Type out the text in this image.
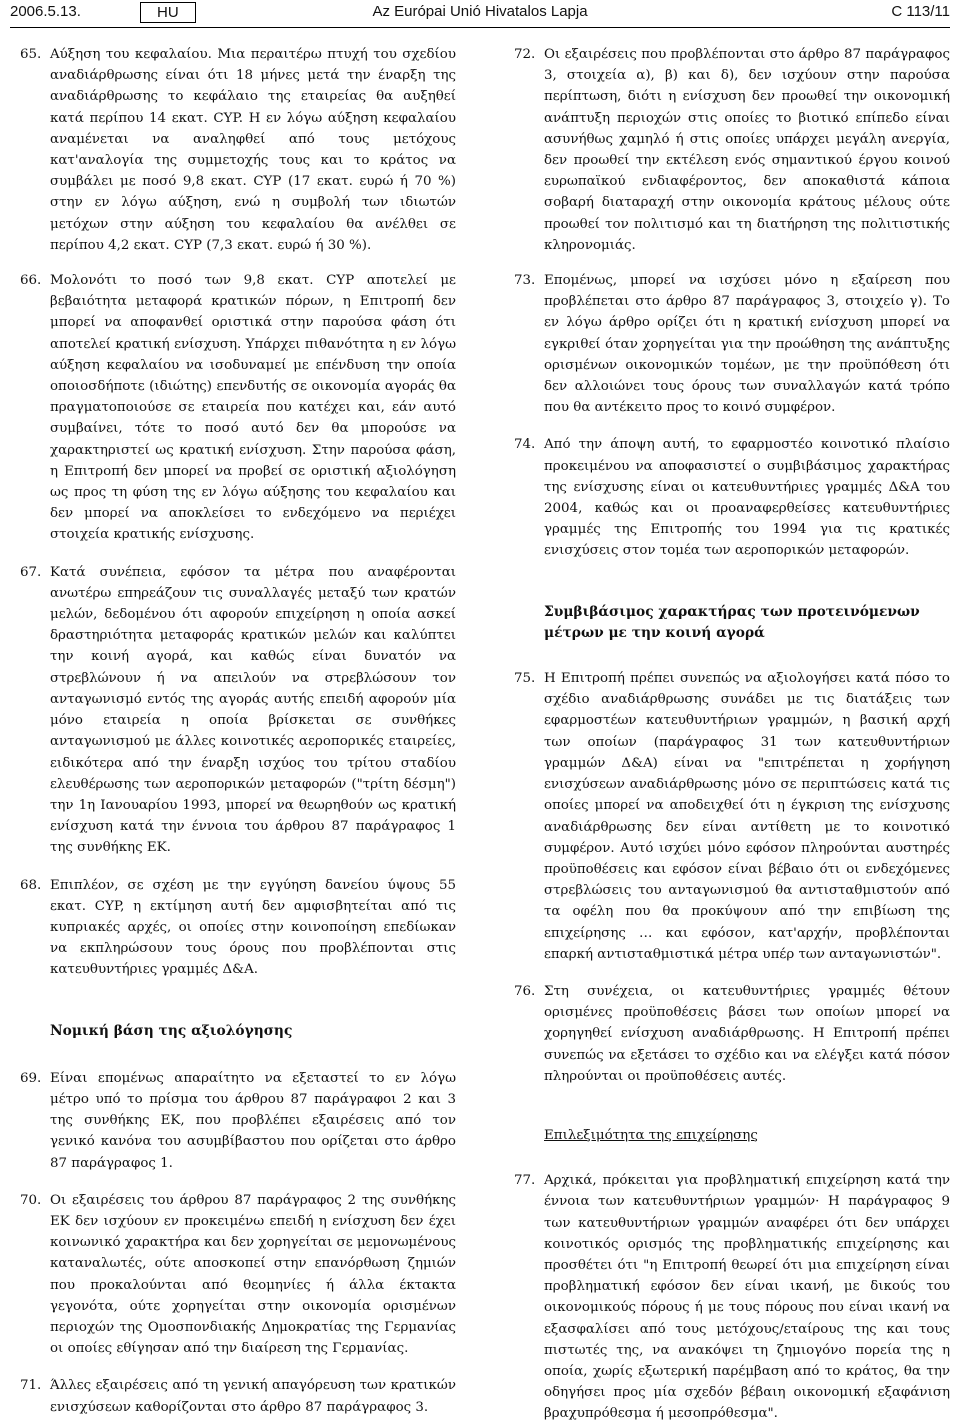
2006.5.13.	HU	Az Európai Unió Hivatalos Lapja	C 113/11
65. Αύξηση του κεφαλαίου. Μια περαιτέρω πτυχή του σχεδίου αναδιάρθρωσης είναι ότι 18 μήνες μετά την έναρξη της αναδιάρθρωσης το κεφάλαιο της εταιρείας θα αυξηθεί κατά περίπου 14 εκατ. CYP. Η εν λόγω αύξηση κεφαλαίου αναμένεται να αναληφθεί από τους μετόχους κατ'αναλογία της συμμετοχής τους και το κράτος να συμβάλει με ποσό 9,8 εκατ. CYP (17 εκατ. ευρώ ή 70 %) στην εν λόγω αύξηση, ενώ η συμβολή των ιδιωτών μετόχων στην αύξηση του κεφαλαίου θα ανέλθει σε περίπου 4,2 εκατ. CYP (7,3 εκατ. ευρώ ή 30 %).
66. Μολονότι το ποσό των 9,8 εκατ. CYP αποτελεί με βεβαιότητα μεταφορά κρατικών πόρων, η Επιτροπή δεν μπορεί να αποφανθεί οριστικά στην παρούσα φάση ότι αποτελεί κρατική ενίσχυση. Υπάρχει πιθανότητα η εν λόγω αύξηση κεφαλαίου να ισοδυναμεί με επένδυση την οποία οποιοσδήποτε (ιδιώτης) επενδυτής σε οικονομία αγοράς θα πραγματοποιούσε σε εταιρεία που κατέχει και, εάν αυτό συμβαίνει, τότε το ποσό αυτό δεν θα μπορούσε να χαρακτηριστεί ως κρατική ενίσχυση. Στην παρούσα φάση, η Επιτροπή δεν μπορεί να προβεί σε οριστική αξιολόγηση ως προς τη φύση της εν λόγω αύξησης του κεφαλαίου και δεν μπορεί να αποκλείσει το ενδεχόμενο να περιέχει στοιχεία κρατικής ενίσχυσης.
67. Κατά συνέπεια, εφόσον τα μέτρα που αναφέρονται ανωτέρω επηρεάζουν τις συναλλαγές μεταξύ των κρατών μελών, δεδομένου ότι αφορούν επιχείρηση η οποία ασκεί δραστηριότητα μεταφοράς κρατικών μελών και καλύπτει την κοινή αγορά, και καθώς είναι δυνατόν να στρεβλώνουν ή να απειλούν να στρεβλώσουν τον ανταγωνισμό εντός της αγοράς αυτής επειδή αφορούν μία μόνο εταιρεία η οποία βρίσκεται σε συνθήκες ανταγωνισμού με άλλες κοινοτικές αεροπορικές εταιρείες, ειδικότερα από την έναρξη ισχύος του τρίτου σταδίου ελευθέρωσης των αεροπορικών μεταφορών ("τρίτη δέσμη") την 1η Ιανουαρίου 1993, μπορεί να θεωρηθούν ως κρατική ενίσχυση κατά την έννοια του άρθρου 87 παράγραφος 1 της συνθήκης ΕΚ.
68. Επιπλέον, σε σχέση με την εγγύηση δανείου ύψους 55 εκατ. CYP, η εκτίμηση αυτή δεν αμφισβητείται από τις κυπριακές αρχές, οι οποίες στην κοινοποίηση επεδίωκαν να εκπληρώσουν τους όρους που προβλέπονται στις κατευθυντήριες γραμμές Δ&Α.
Νομική βάση της αξιολόγησης
69. Είναι επομένως απαραίτητο να εξεταστεί το εν λόγω μέτρο υπό το πρίσμα του άρθρου 87 παράγραφοι 2 και 3 της συνθήκης ΕΚ, που προβλέπει εξαιρέσεις από τον γενικό κανόνα του ασυμβίβαστου που ορίζεται στο άρθρο 87 παράγραφος 1.
70. Οι εξαιρέσεις του άρθρου 87 παράγραφος 2 της συνθήκης ΕΚ δεν ισχύουν εν προκειμένω επειδή η ενίσχυση δεν έχει κοινωνικό χαρακτήρα και δεν χορηγείται σε μεμονωμένους καταναλωτές, ούτε αποσκοπεί στην επανόρθωση ζημιών που προκαλούνται από θεομηνίες ή άλλα έκτακτα γεγονότα, ούτε χορηγείται στην οικονομία ορισμένων περιοχών της Ομοσπονδιακής Δημοκρατίας της Γερμανίας οι οποίες εθίγησαν από την διαίρεση της Γερμανίας.
71. Άλλες εξαιρέσεις από τη γενική απαγόρευση των κρατικών ενισχύσεων καθορίζονται στο άρθρο 87 παράγραφος 3.
72. Οι εξαιρέσεις που προβλέπονται στο άρθρο 87 παράγραφος 3, στοιχεία α), β) και δ), δεν ισχύουν στην παρούσα περίπτωση, διότι η ενίσχυση δεν προωθεί την οικονομική ανάπτυξη περιοχών στις οποίες το βιοτικό επίπεδο είναι ασυνήθως χαμηλό ή στις οποίες υπάρχει μεγάλη ανεργία, δεν προωθεί την εκτέλεση ενός σημαντικού έργου κοινού ευρωπαϊκού ενδιαφέροντος, δεν αποκαθιστά κάποια σοβαρή διαταραχή στην οικονομία κράτους μέλους ούτε προωθεί τον πολιτισμό και τη διατήρηση της πολιτιστικής κληρονομιάς.
73. Επομένως, μπορεί να ισχύσει μόνο η εξαίρεση που προβλέπεται στο άρθρο 87 παράγραφος 3, στοιχείο γ). Το εν λόγω άρθρο ορίζει ότι η κρατική ενίσχυση μπορεί να εγκριθεί όταν χορηγείται για την προώθηση της ανάπτυξης ορισμένων οικονομικών τομέων, με την προϋπόθεση ότι δεν αλλοιώνει τους όρους των συναλλαγών κατά τρόπο που θα αντέκειτο προς το κοινό συμφέρον.
74. Από την άποψη αυτή, το εφαρμοστέο κοινοτικό πλαίσιο προκειμένου να αποφασιστεί ο συμβιβάσιμος χαρακτήρας της ενίσχυσης είναι οι κατευθυντήριες γραμμές Δ&Α του 2004, καθώς και οι προαναφερθείσες κατευθυντήριες γραμμές της Επιτροπής του 1994 για τις κρατικές ενισχύσεις στον τομέα των αεροπορικών μεταφορών.
Συμβιβάσιμος χαρακτήρας των προτεινόμενων μέτρων με την κοινή αγορά
75. Η Επιτροπή πρέπει συνεπώς να αξιολογήσει κατά πόσο το σχέδιο αναδιάρθρωσης συνάδει με τις διατάξεις των εφαρμοστέων κατευθυντήριων γραμμών, η βασική αρχή των οποίων (παράγραφος 31 των κατευθυντήριων γραμμών Δ&Α) είναι να "επιτρέπεται η χορήγηση ενισχύσεων αναδιάρθρωσης μόνο σε περιπτώσεις κατά τις οποίες μπορεί να αποδειχθεί ότι η έγκριση της ενίσχυσης αναδιάρθρωσης δεν είναι αντίθετη με το κοινοτικό συμφέρον. Αυτό ισχύει μόνο εφόσον πληρούνται αυστηρές προϋποθέσεις και εφόσον είναι βέβαιο ότι οι ενδεχόμενες στρεβλώσεις του ανταγωνισμού θα αντισταθμιστούν από τα οφέλη που θα προκύψουν από την επιβίωση της επιχείρησης … και εφόσον, κατ'αρχήν, προβλέπονται επαρκή αντισταθμιστικά μέτρα υπέρ των ανταγωνιστών".
76. Στη συνέχεια, οι κατευθυντήριες γραμμές θέτουν ορισμένες προϋποθέσεις βάσει των οποίων μπορεί να χορηγηθεί ενίσχυση αναδιάρθρωσης. Η Επιτροπή πρέπει συνεπώς να εξετάσει το σχέδιο και να ελέγξει κατά πόσον πληρούνται οι προϋποθέσεις αυτές.
Επιλεξιμότητα της επιχείρησης
77. Αρχικά, πρόκειται για προβληματική επιχείρηση κατά την έννοια των κατευθυντήριων γραμμών· Η παράγραφος 9 των κατευθυντήριων γραμμών αναφέρει ότι δεν υπάρχει κοινοτικός ορισμός της προβληματικής επιχείρησης και προσθέτει ότι "η Επιτροπή θεωρεί ότι μια επιχείρηση είναι προβληματική εφόσον δεν είναι ικανή, με δικούς του οικονομικούς πόρους ή με τους πόρους που είναι ικανή να εξασφαλίσει από τους μετόχους/εταίρους της και τους πιστωτές της, να ανακόψει τη ζημιογόνο πορεία της η οποία, χωρίς εξωτερική παρέμβαση από το κράτος, θα την οδηγήσει προς μία σχεδόν βέβαιη οικονομική εξαφάνιση βραχυπρόθεσμα ή μεσοπρόθεσμα".
